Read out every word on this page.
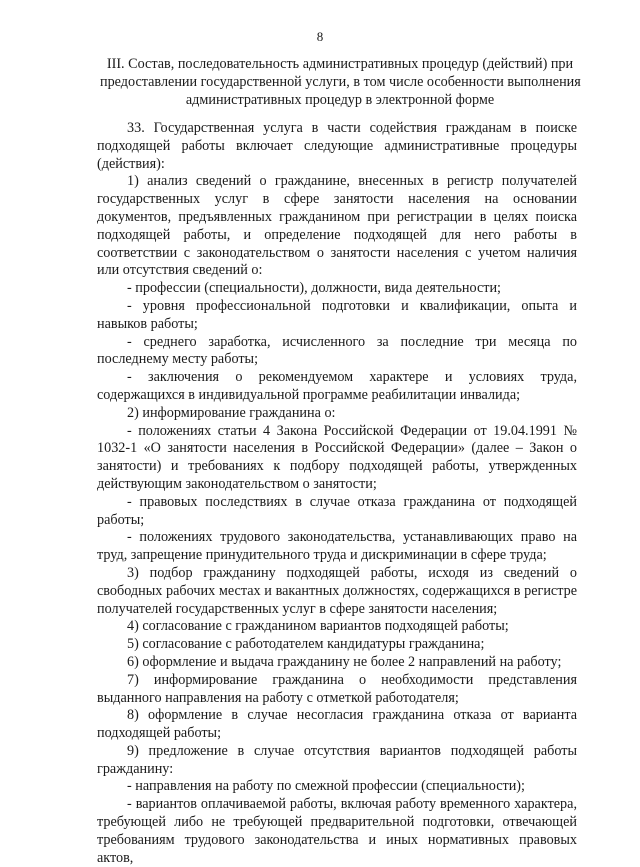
8
III. Состав, последовательность административных процедур (действий) при
предоставлении государственной услуги, в том числе особенности выполнения
административных процедур в электронной форме

33. Государственная услуга в части содействия гражданам в поиске подходящей работы включает следующие административные процедуры (действия):

1) анализ сведений о гражданине, внесенных в регистр получателей государственных услуг в сфере занятости населения на основании документов, предъявленных гражданином при регистрации в целях поиска подходящей работы, и определение подходящей для него работы в соответствии с законодательством о занятости населения с учетом наличия или отсутствия сведений о:

- профессии (специальности), должности, вида деятельности;

- уровня профессиональной подготовки и квалификации, опыта и навыков работы;

- среднего заработка, исчисленного за последние три месяца по последнему месту работы;

- заключения о рекомендуемом характере и условиях труда, содержащихся в индивидуальной программе реабилитации инвалида;

2) информирование гражданина о:

- положениях статьи 4 Закона Российской Федерации от 19.04.1991 № 1032-1 «О занятости населения в Российской Федерации» (далее – Закон о занятости) и требованиях к подбору подходящей работы, утвержденных действующим законодательством о занятости;

- правовых последствиях в случае отказа гражданина от подходящей работы;

- положениях трудового законодательства, устанавливающих право на труд, запрещение принудительного труда и дискриминации в сфере труда;

3) подбор гражданину подходящей работы, исходя из сведений о свободных рабочих местах и вакантных должностях, содержащихся в регистре получателей государственных услуг в сфере занятости населения;

4) согласование с гражданином вариантов подходящей работы;

5) согласование с работодателем кандидатуры гражданина;

6) оформление и выдача гражданину не более 2 направлений на работу;

7) информирование гражданина о необходимости представления выданного направления на работу с отметкой работодателя;

8) оформление в случае несогласия гражданина отказа от варианта подходящей работы;

9) предложение в случае отсутствия вариантов подходящей работы гражданину:

- направления на работу по смежной профессии (специальности);

- вариантов оплачиваемой работы, включая работу временного характера, требующей либо не требующей предварительной подготовки, отвечающей требованиям трудового законодательства и иных нормативных правовых актов,
